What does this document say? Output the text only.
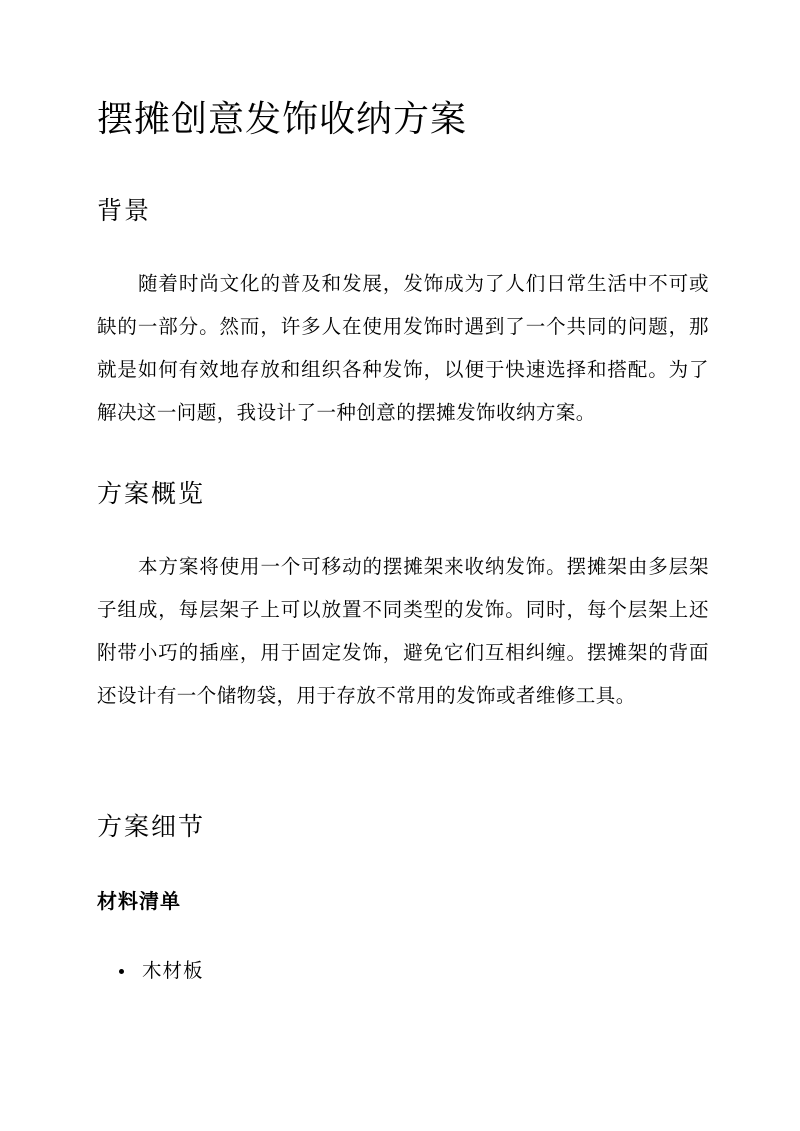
摆摊创意发饰收纳方案
背景

随着时尚文化的普及和发展，发饰成为了人们日常生活中不可或缺的一部分。然而，许多人在使用发饰时遇到了一个共同的问题，那就是如何有效地存放和组织各种发饰，以便于快速选择和搭配。为了解决这一问题，我设计了一种创意的摆摊发饰收纳方案。

方案概览

本方案将使用一个可移动的摆摊架来收纳发饰。摆摊架由多层架子组成，每层架子上可以放置不同类型的发饰。同时，每个层架上还附带小巧的插座，用于固定发饰，避免它们互相纠缠。摆摊架的背面还设计有一个储物袋，用于存放不常用的发饰或者维修工具。

方案细节
材料清单
木材板
